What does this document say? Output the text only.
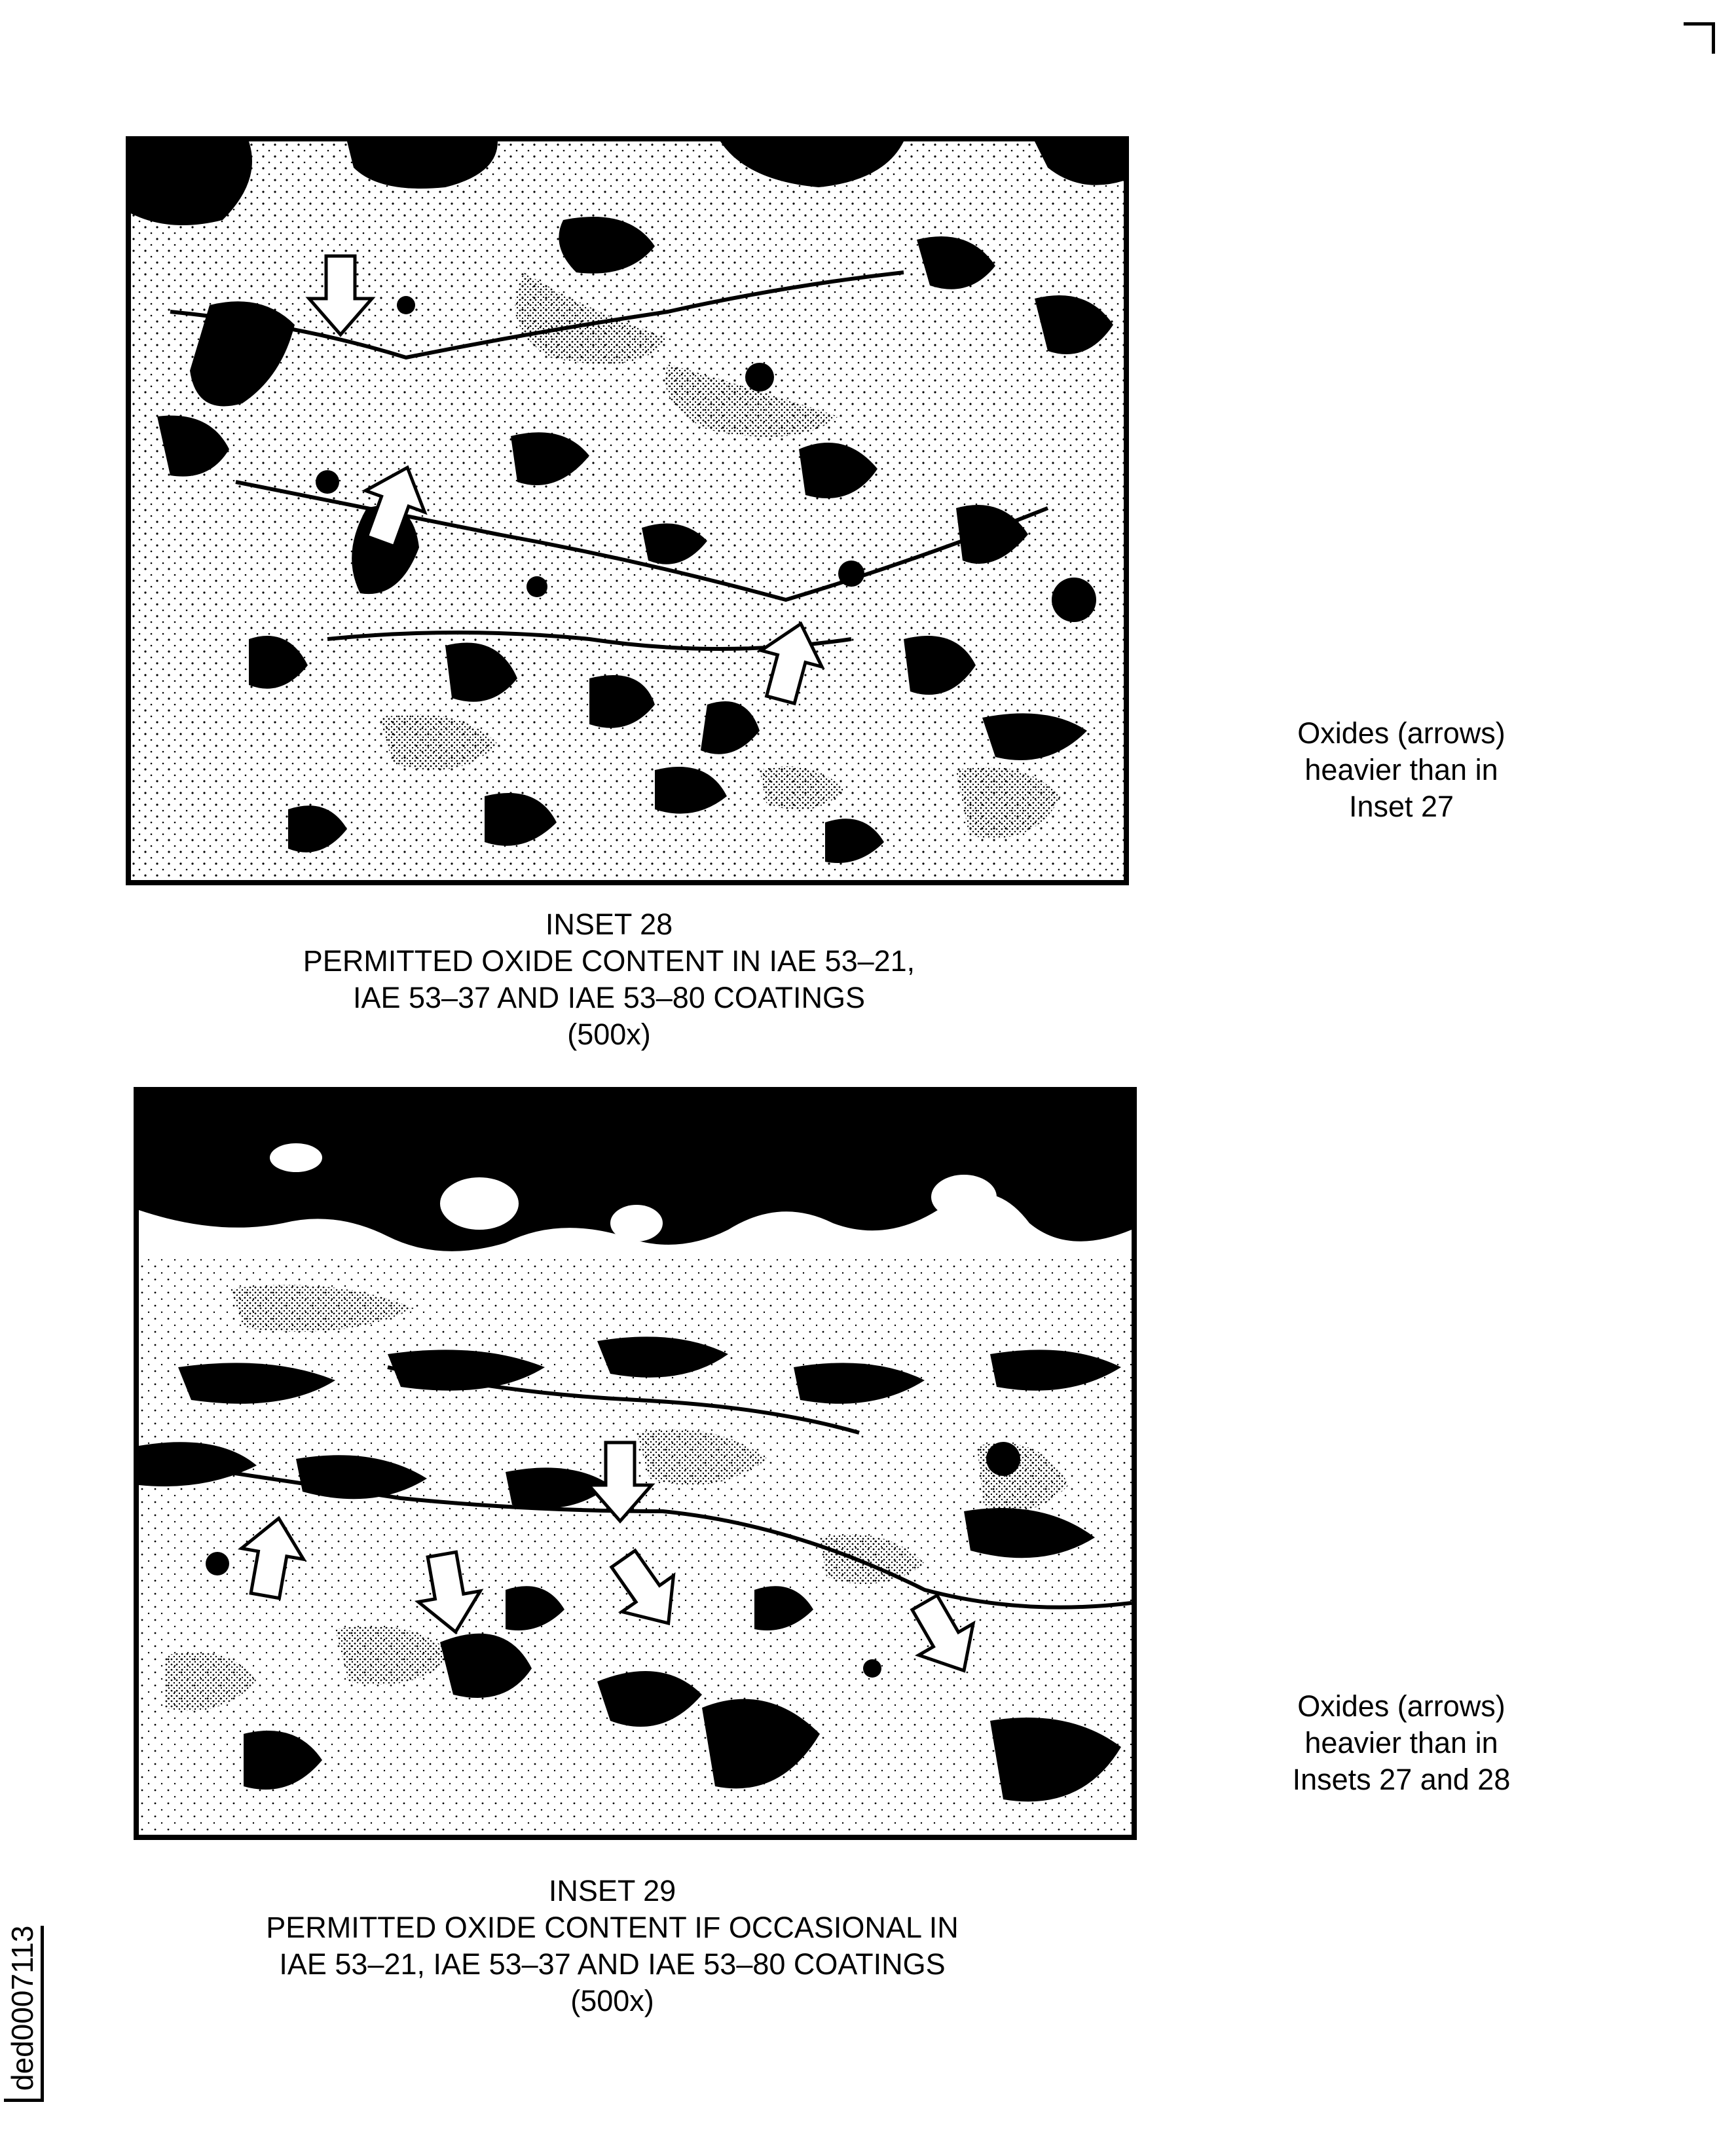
INSET 28
PERMITTED OXIDE CONTENT IN IAE 53–21,
IAE 53–37 AND IAE 53–80 COATINGS
(500x)
Oxides (arrows)
heavier than in
Inset 27
INSET 29
PERMITTED OXIDE CONTENT IF OCCASIONAL IN
IAE 53–21, IAE 53–37 AND IAE 53–80 COATINGS
(500x)
Oxides (arrows)
heavier than in
Insets 27 and 28
ded0007113
